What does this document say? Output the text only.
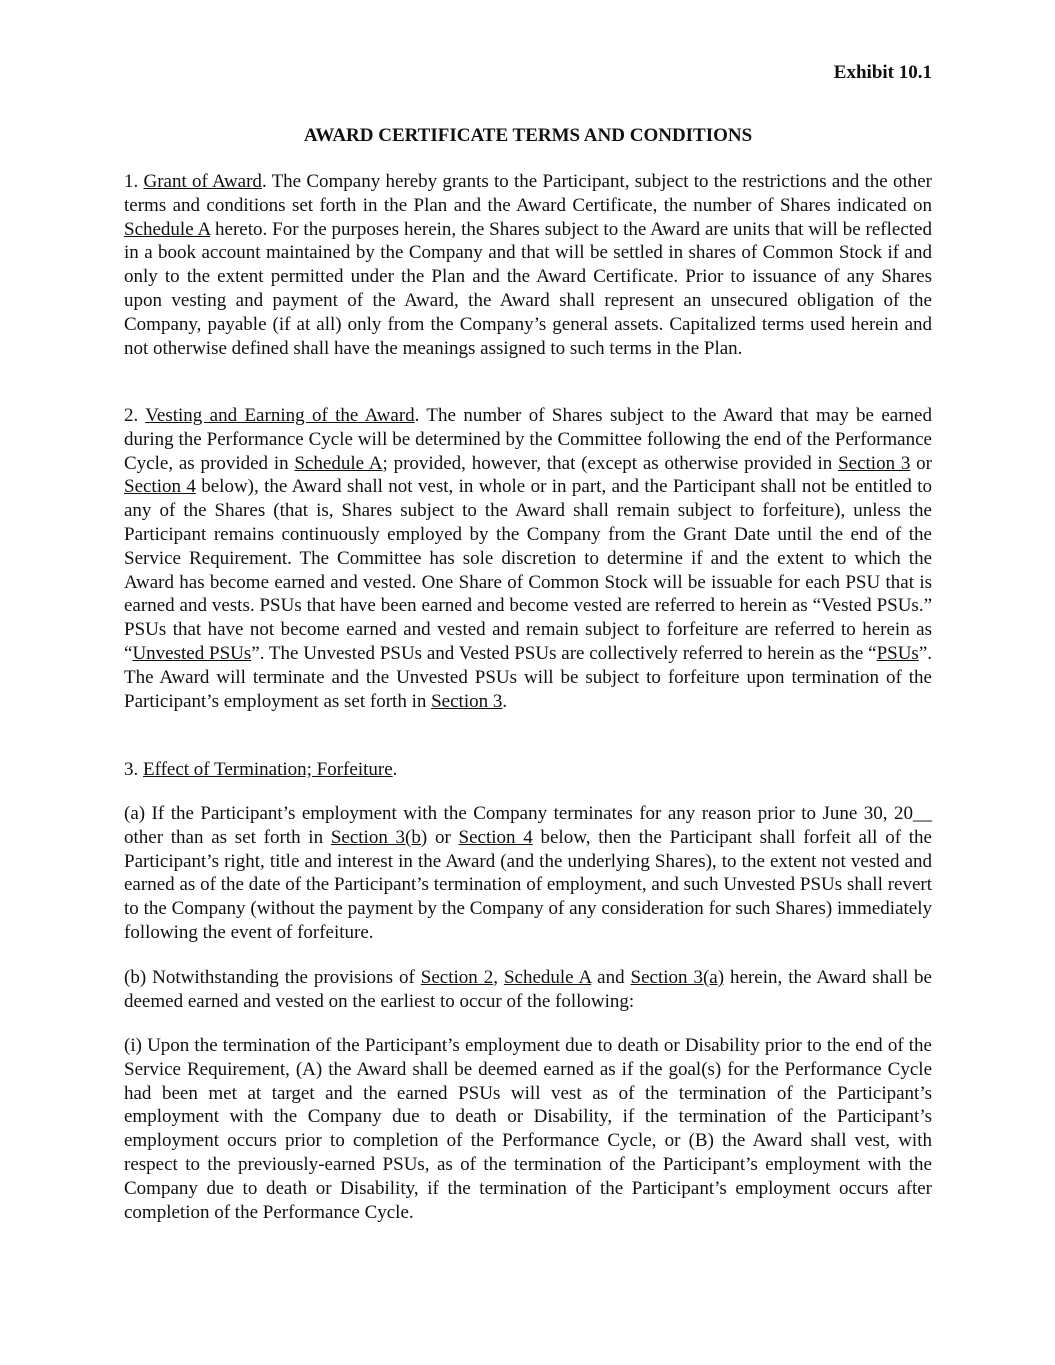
Exhibit 10.1
AWARD CERTIFICATE TERMS AND CONDITIONS

1. Grant of Award. The Company hereby grants to the Participant, subject to the restrictions and the other terms and conditions set forth in the Plan and the Award Certificate, the number of Shares indicated on Schedule A hereto. For the purposes herein, the Shares subject to the Award are units that will be reflected in a book account maintained by the Company and that will be settled in shares of Common Stock if and only to the extent permitted under the Plan and the Award Certificate. Prior to issuance of any Shares upon vesting and payment of the Award, the Award shall represent an unsecured obligation of the Company, payable (if at all) only from the Company’s general assets. Capitalized terms used herein and not otherwise defined shall have the meanings assigned to such terms in the Plan.

2. Vesting and Earning of the Award. The number of Shares subject to the Award that may be earned during the Performance Cycle will be determined by the Committee following the end of the Performance Cycle, as provided in Schedule A; provided, however, that (except as otherwise provided in Section 3 or Section 4 below), the Award shall not vest, in whole or in part, and the Participant shall not be entitled to any of the Shares (that is, Shares subject to the Award shall remain subject to forfeiture), unless the Participant remains continuously employed by the Company from the Grant Date until the end of the Service Requirement. The Committee has sole discretion to determine if and the extent to which the Award has become earned and vested. One Share of Common Stock will be issuable for each PSU that is earned and vests. PSUs that have been earned and become vested are referred to herein as “Vested PSUs.” PSUs that have not become earned and vested and remain subject to forfeiture are referred to herein as “Unvested PSUs”. The Unvested PSUs and Vested PSUs are collectively referred to herein as the “PSUs”. The Award will terminate and the Unvested PSUs will be subject to forfeiture upon termination of the Participant’s employment as set forth in Section 3.

3. Effect of Termination; Forfeiture.

(a) If the Participant’s employment with the Company terminates for any reason prior to June 30, 20__ other than as set forth in Section 3(b) or Section 4 below, then the Participant shall forfeit all of the Participant’s right, title and interest in the Award (and the underlying Shares), to the extent not vested and earned as of the date of the Participant’s termination of employment, and such Unvested PSUs shall revert to the Company (without the payment by the Company of any consideration for such Shares) immediately following the event of forfeiture.

(b) Notwithstanding the provisions of Section 2, Schedule A and Section 3(a) herein, the Award shall be deemed earned and vested on the earliest to occur of the following:

(i) Upon the termination of the Participant’s employment due to death or Disability prior to the end of the Service Requirement, (A) the Award shall be deemed earned as if the goal(s) for the Performance Cycle had been met at target and the earned PSUs will vest as of the termination of the Participant’s employment with the Company due to death or Disability, if the termination of the Participant’s employment occurs prior to completion of the Performance Cycle, or (B) the Award shall vest, with respect to the previously-earned PSUs, as of the termination of the Participant’s employment with the Company due to death or Disability, if the termination of the Participant’s employment occurs after completion of the Performance Cycle.
